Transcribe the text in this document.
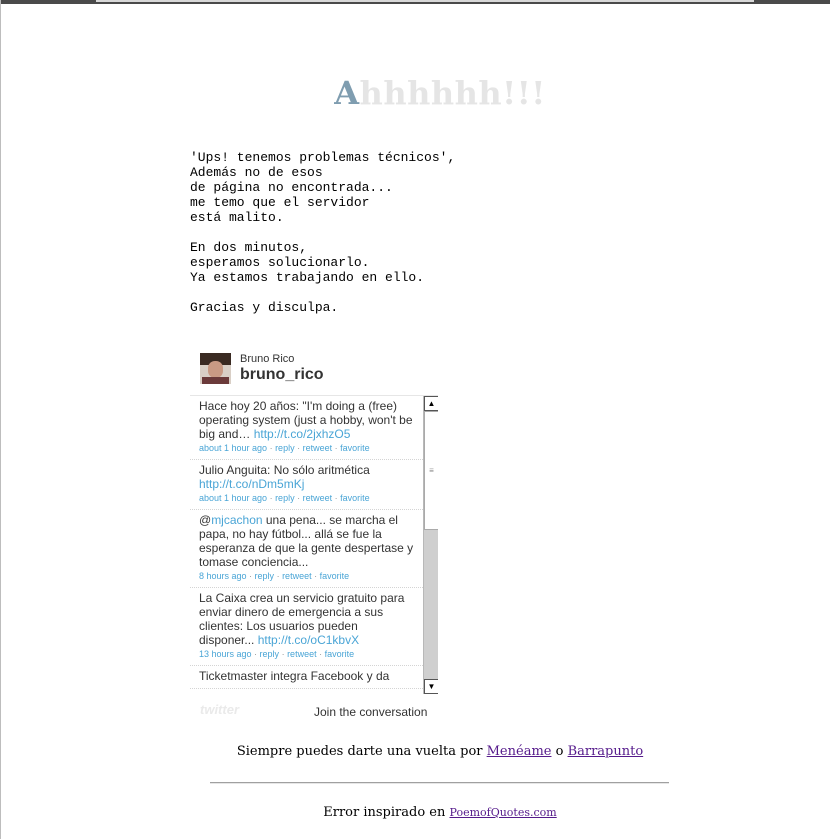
Ahhhhhh!!!
'Ups! tenemos problemas técnicos',
Además no de esos
de página no encontrada...
me temo que el servidor
está malito.

En dos minutos,
esperamos solucionarlo.
Ya estamos trabajando en ello.

Gracias y disculpa.
Bruno Rico
bruno_rico
Hace hoy 20 años: "I'm doing a (free) operating system (just a hobby, won't be big and… http://t.co/2jxhzO5
about 1 hour ago · reply · retweet · favorite
Julio Anguita: No sólo aritmética http://t.co/nDm5mKj
about 1 hour ago · reply · retweet · favorite
@mjcachon una pena... se marcha el papa, no hay fútbol... allá se fue la esperanza de que la gente despertase y tomase conciencia...
8 hours ago · reply · retweet · favorite
La Caixa crea un servicio gratuito para enviar dinero de emergencia a sus clientes: Los usuarios pueden disponer... http://t.co/oC1kbvX
13 hours ago · reply · retweet · favorite
Ticketmaster integra Facebook y da
▲
≡
▼
twitter	Join the conversation
Siempre puedes darte una vuelta por Menéame o Barrapunto
Error inspirado en PoemofQuotes.com
